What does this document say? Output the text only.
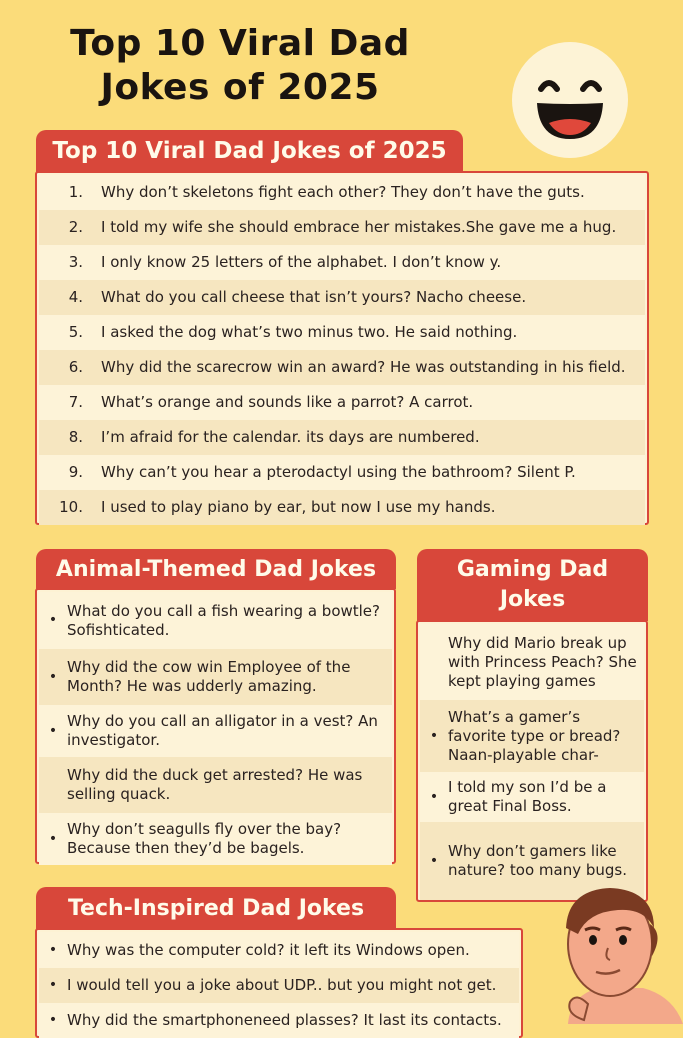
Top 10 Viral Dad Jokes of 2025
Top 10 Viral Dad Jokes of 2025
1.	Why don’t skeletons fight each other? They don’t have the guts.
2.	I told my wife she should embrace her mistakes.She gave me a hug.
3.	I only know 25 letters of the alphabet. I don’t know y.
4.	What do you call cheese that isn’t yours? Nacho cheese.
5.	I asked the dog what’s two minus two. He said nothing.
6.	Why did the scarecrow win an award? He was outstanding in his field.
7.	What’s orange and sounds like a parrot? A carrot.
8.	I’m afraid for the calendar. its days are numbered.
9.	Why can’t you hear a pterodactyl using the bathroom? Silent P.
10.	I used to play piano by ear, but now I use my hands.
Animal-Themed Dad Jokes
•
What do you call a fish wearing a bowtle? Sofishticated.
•
Why did the cow win Employee of the Month? He was udderly amazing.
•
Why do you call an alligator in a vest? An investigator.
Why did the duck get arrested? He was selling quack.
•
Why don’t seagulls fly over the bay? Because then they’d be bagels.
Gaming Dad Jokes
Why did Mario break up with Princess Peach? She kept playing games
•
What’s a gamer’s favorite type or bread? Naan-playable char-
•
I told my son I’d be a great Final Boss.
•
Why don’t gamers like nature? too many bugs.
Tech-Inspired Dad Jokes
• Why was the computer cold? it left its Windows open.
• I would tell you a joke about UDP.. but you might not get.
• Why did the smartphoneneed plasses? It last its contacts.
